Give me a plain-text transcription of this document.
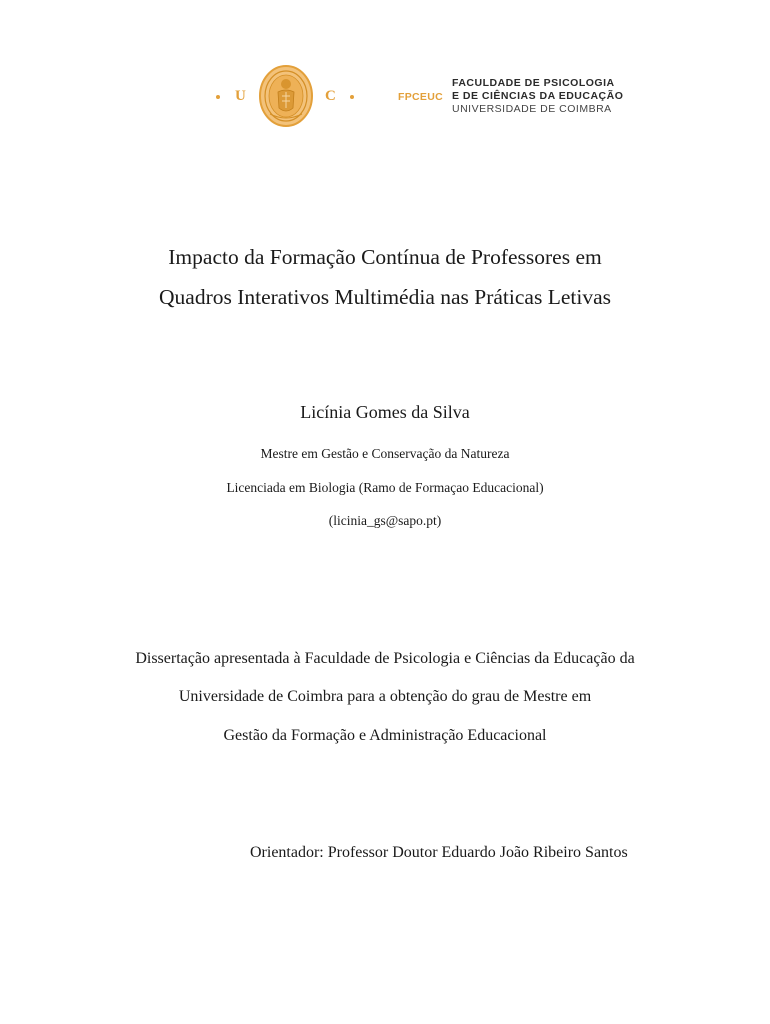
U	C	FPCEUC
FACULDADE DE PSICOLOGIA
E DE CIÊNCIAS DA EDUCAÇÃO
UNIVERSIDADE DE COIMBRA
Impacto da Formação Contínua de Professores em
Quadros Interativos Multimédia nas Práticas Letivas
Licínia Gomes da Silva
Mestre em Gestão e Conservação da Natureza
Licenciada em Biologia (Ramo de Formaçao Educacional)
(licinia_gs@sapo.pt)
Dissertação apresentada à Faculdade de Psicologia e Ciências da Educação da
Universidade de Coimbra para a obtenção do grau de Mestre em
Gestão da Formação e Administração Educacional
Orientador: Professor Doutor Eduardo João Ribeiro Santos
